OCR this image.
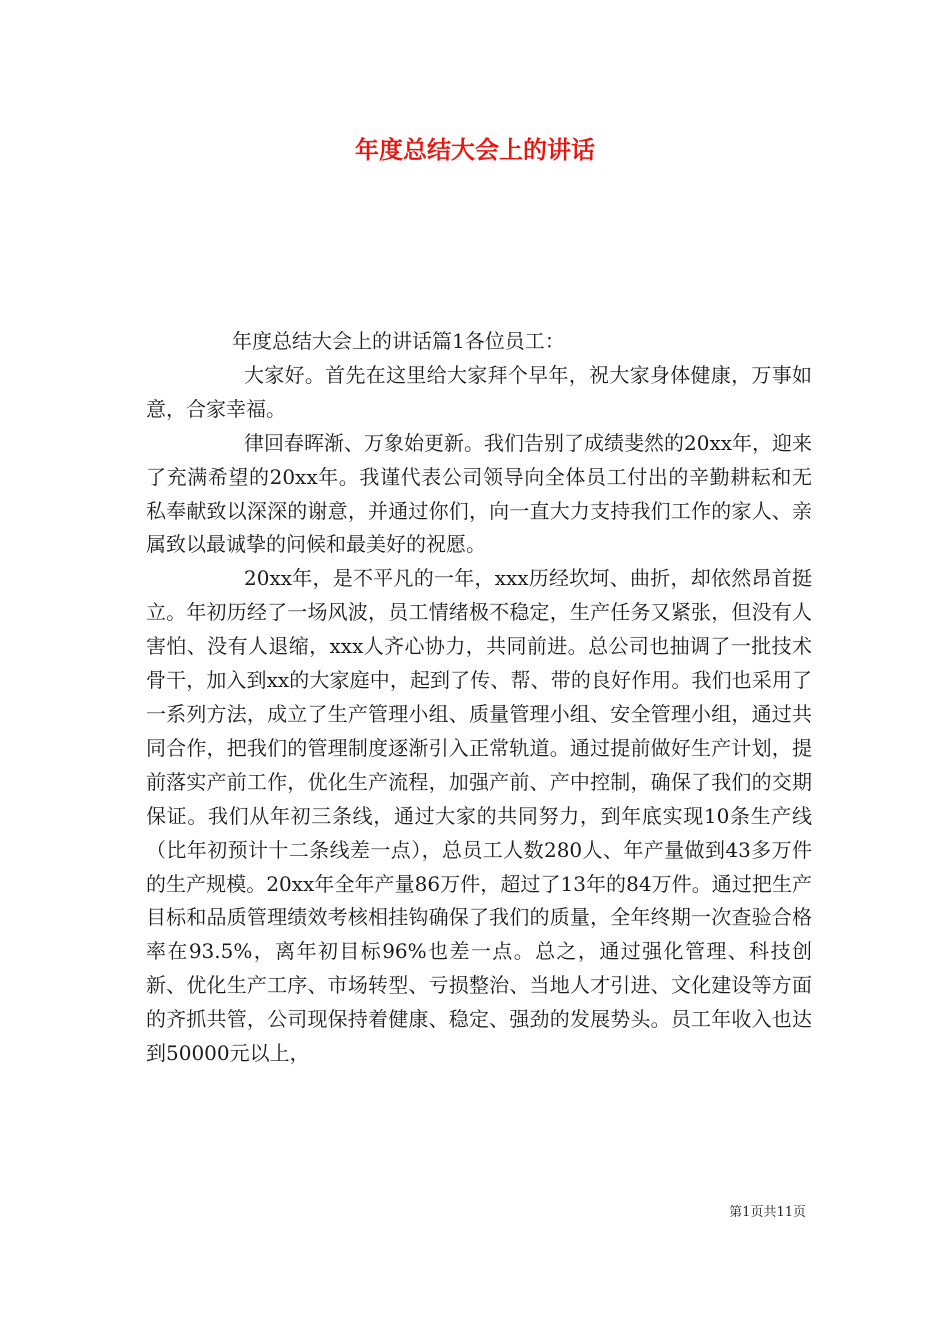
年度总结大会上的讲话

年度总结大会上的讲话篇1各位员工：

大家好。首先在这里给大家拜个早年，祝大家身体健康，万事如意，合家幸福。

律回春晖渐、万象始更新。我们告别了成绩斐然的20xx年，迎来了充满希望的20xx年。我谨代表公司领导向全体员工付出的辛勤耕耘和无私奉献致以深深的谢意，并通过你们，向一直大力支持我们工作的家人、亲属致以最诚挚的问候和最美好的祝愿。

20xx年，是不平凡的一年，xxx历经坎坷、曲折，却依然昂首挺立。年初历经了一场风波，员工情绪极不稳定，生产任务又紧张，但没有人害怕、没有人退缩，xxx人齐心协力，共同前进。总公司也抽调了一批技术骨干，加入到xx的大家庭中，起到了传、帮、带的良好作用。我们也采用了一系列方法，成立了生产管理小组、质量管理小组、安全管理小组，通过共同合作，把我们的管理制度逐渐引入正常轨道。通过提前做好生产计划，提前落实产前工作，优化生产流程，加强产前、产中控制，确保了我们的交期保证。我们从年初三条线，通过大家的共同努力，到年底实现10条生产线（比年初预计十二条线差一点），总员工人数280人、年产量做到43多万件的生产规模。20xx年全年产量86万件，超过了13年的84万件。通过把生产目标和品质管理绩效考核相挂钩确保了我们的质量，全年终期一次查验合格率在93.5%，离年初目标96%也差一点。总之，通过强化管理、科技创新、优化生产工序、市场转型、亏损整治、当地人才引进、文化建设等方面的齐抓共管，公司现保持着健康、稳定、强劲的发展势头。员工年收入也达到50000元以上，

第1页共11页
